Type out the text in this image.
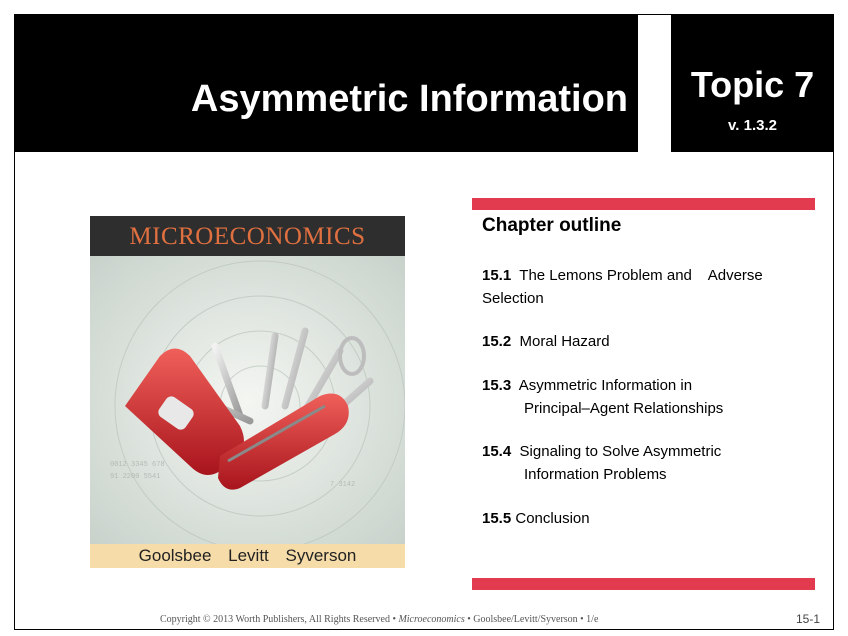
Asymmetric Information	Topic 7
v. 1.3.2
MICROECONOMICS
0012 3345 678
91 2200 5541
7 3142
Goolsbee Levitt Syverson
Chapter outline
15.1 The Lemons Problem and    Adverse
Selection
15.2 Moral Hazard
15.3 Asymmetric Information in
Principal–Agent Relationships
15.4 Signaling to Solve Asymmetric
Information Problems
15.5 Conclusion
Copyright © 2013 Worth Publishers, All Rights Reserved • Microeconomics • Goolsbee/Levitt/Syverson • 1/e	15-1
